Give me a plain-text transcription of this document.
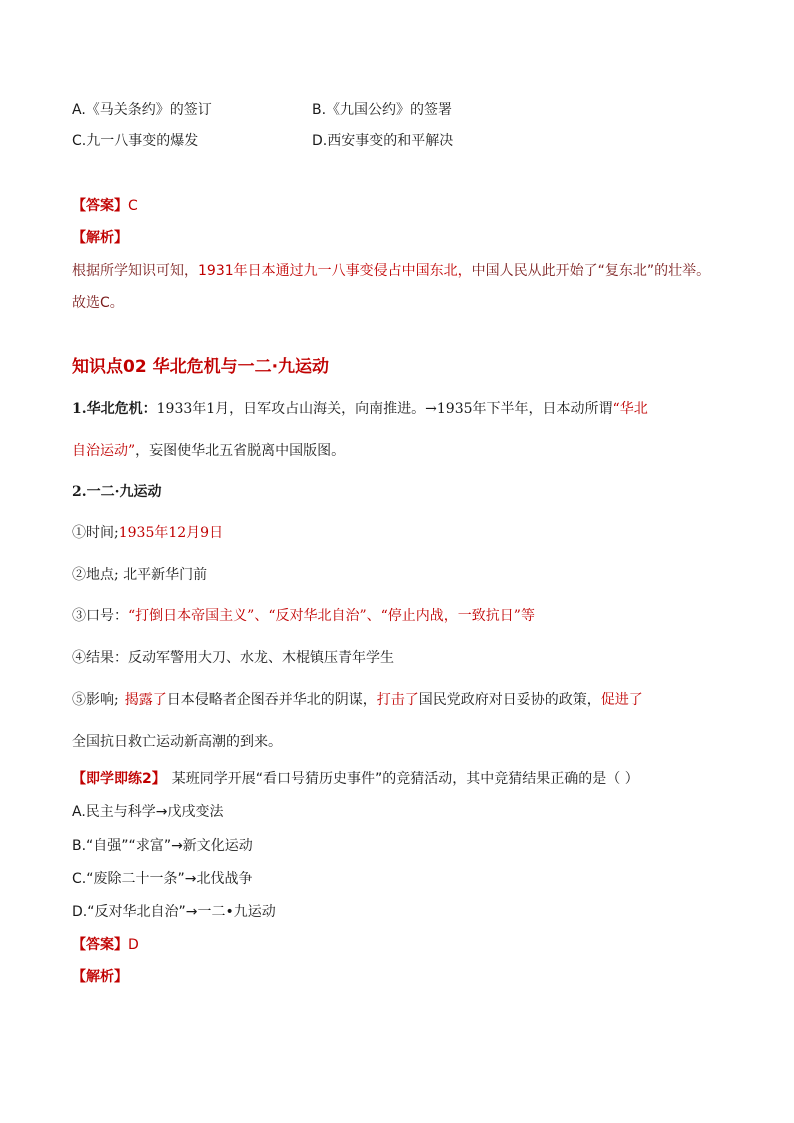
A.《马关条约》的签订	B.《九国公约》的签署
C.九一八事变的爆发	D.西安事变的和平解决
【答案】C
【解析】
根据所学知识可知，1931年日本通过九一八事变侵占中国东北，中国人民从此开始了“复东北”的壮举。
故选C。
知识点02 华北危机与一二·九运动
1.华北危机：1933年1月，日军攻占山海关，向南推进。→1935年下半年，日本动所谓“华北
自治运动”，妄图使华北五省脱离中国版图。
2.一二·九运动
①时间;1935年12月9日
②地点; 北平新华门前
③口号：“打倒日本帝国主义”、“反对华北自治”、“停止内战，一致抗日”等
④结果：反动军警用大刀、水龙、木棍镇压青年学生
⑤影响; 揭露了日本侵略者企图吞并华北的阴谋，打击了国民党政府对日妥协的政策，促进了
全国抗日救亡运动新高潮的到来。
【即学即练2】 某班同学开展“看口号猜历史事件”的竞猜活动，其中竞猜结果正确的是（ ）
A.民主与科学→戊戌变法
B.“自强”“求富”→新文化运动
C.“废除二十一条”→北伐战争
D.“反对华北自治”→一二•九运动
【答案】D
【解析】
